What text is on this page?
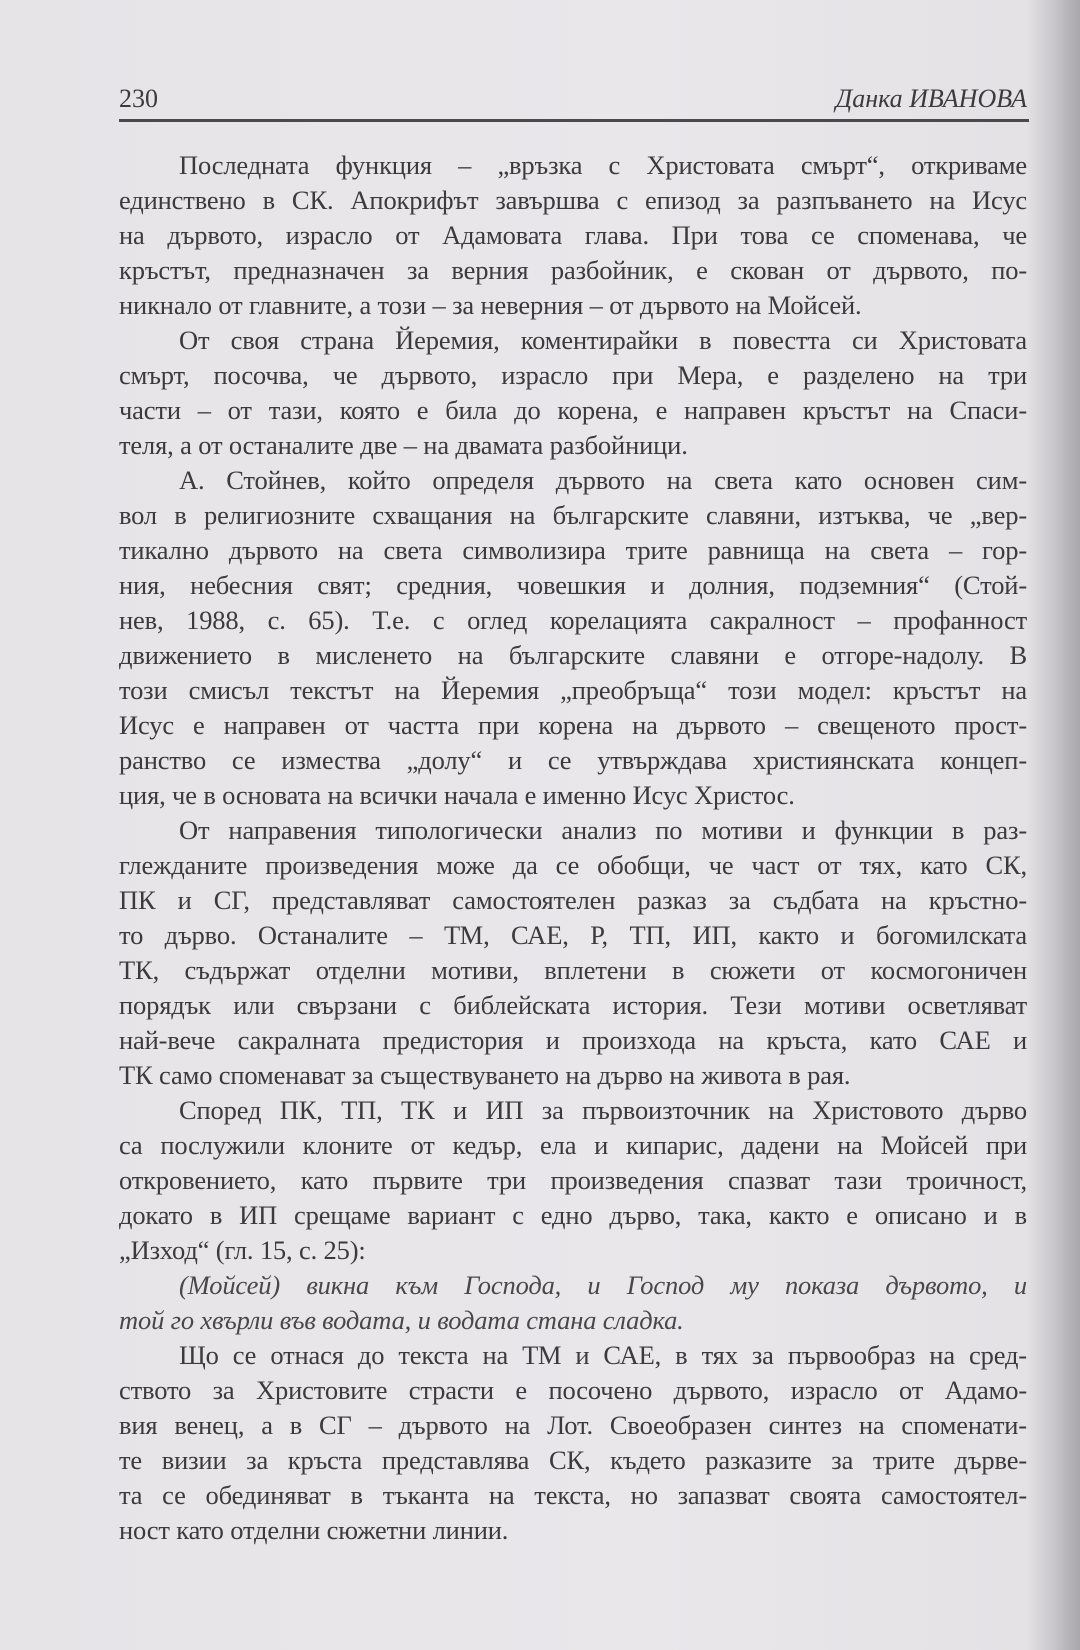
230	Данка ИВАНОВА
Последната функция – „връзка с Христовата смърт“, откриваме
единствено в СК. Апокрифът завършва с епизод за разпъването на Исус
на дървото, израсло от Адамовата глава. При това се споменава, че
кръстът, предназначен за верния разбойник, е скован от дървото, по-
никнало от главните, а този – за неверния – от дървото на Мойсей.
От своя страна Йеремия, коментирайки в повестта си Христовата
смърт, посочва, че дървото, израсло при Мера, е разделено на три
части – от тази, която е била до корена, е направен кръстът на Спаси-
теля, а от останалите две – на двамата разбойници.
А. Стойнев, който определя дървото на света като основен сим-
вол в религиозните схващания на българските славяни, изтъква, че „вер-
тикално дървото на света символизира трите равнища на света – гор-
ния, небесния свят; средния, човешкия и долния, подземния“ (Стой-
нев, 1988, с. 65). Т.е. с оглед корелацията сакралност – профанност
движението в мисленето на българските славяни е отгоре-надолу. В
този смисъл текстът на Йеремия „преобръща“ този модел: кръстът на
Исус е направен от частта при корена на дървото – свещеното прост-
ранство се измества „долу“ и се утвърждава християнската концеп-
ция, че в основата на всички начала е именно Исус Христос.
От направения типологически анализ по мотиви и функции в раз-
глежданите произведения може да се обобщи, че част от тях, като СК,
ПК и СГ, представляват самостоятелен разказ за съдбата на кръстно-
то дърво. Останалите – ТМ, САЕ, Р, ТП, ИП, както и богомилската
ТК, съдържат отделни мотиви, вплетени в сюжети от космогоничен
порядък или свързани с библейската история. Тези мотиви осветляват
най-вече сакралната предистория и произхода на кръста, като САЕ и
ТК само споменават за съществуването на дърво на живота в рая.
Според ПК, ТП, ТК и ИП за първоизточник на Христовото дърво
са послужили клоните от кедър, ела и кипарис, дадени на Мойсей при
откровението, като първите три произведения спазват тази троичност,
докато в ИП срещаме вариант с едно дърво, така, както е описано и в
„Изход“ (гл. 15, с. 25):
(Мойсей) викна към Господа, и Господ му показа дървото, и
той го хвърли във водата, и водата стана сладка.
Що се отнася до текста на ТМ и САЕ, в тях за първообраз на сред-
ството за Христовите страсти е посочено дървото, израсло от Адамо-
вия венец, а в СГ – дървото на Лот. Своеобразен синтез на споменати-
те визии за кръста представлява СК, където разказите за трите дърве-
та се обединяват в тъканта на текста, но запазват своята самостоятел-
ност като отделни сюжетни линии.
